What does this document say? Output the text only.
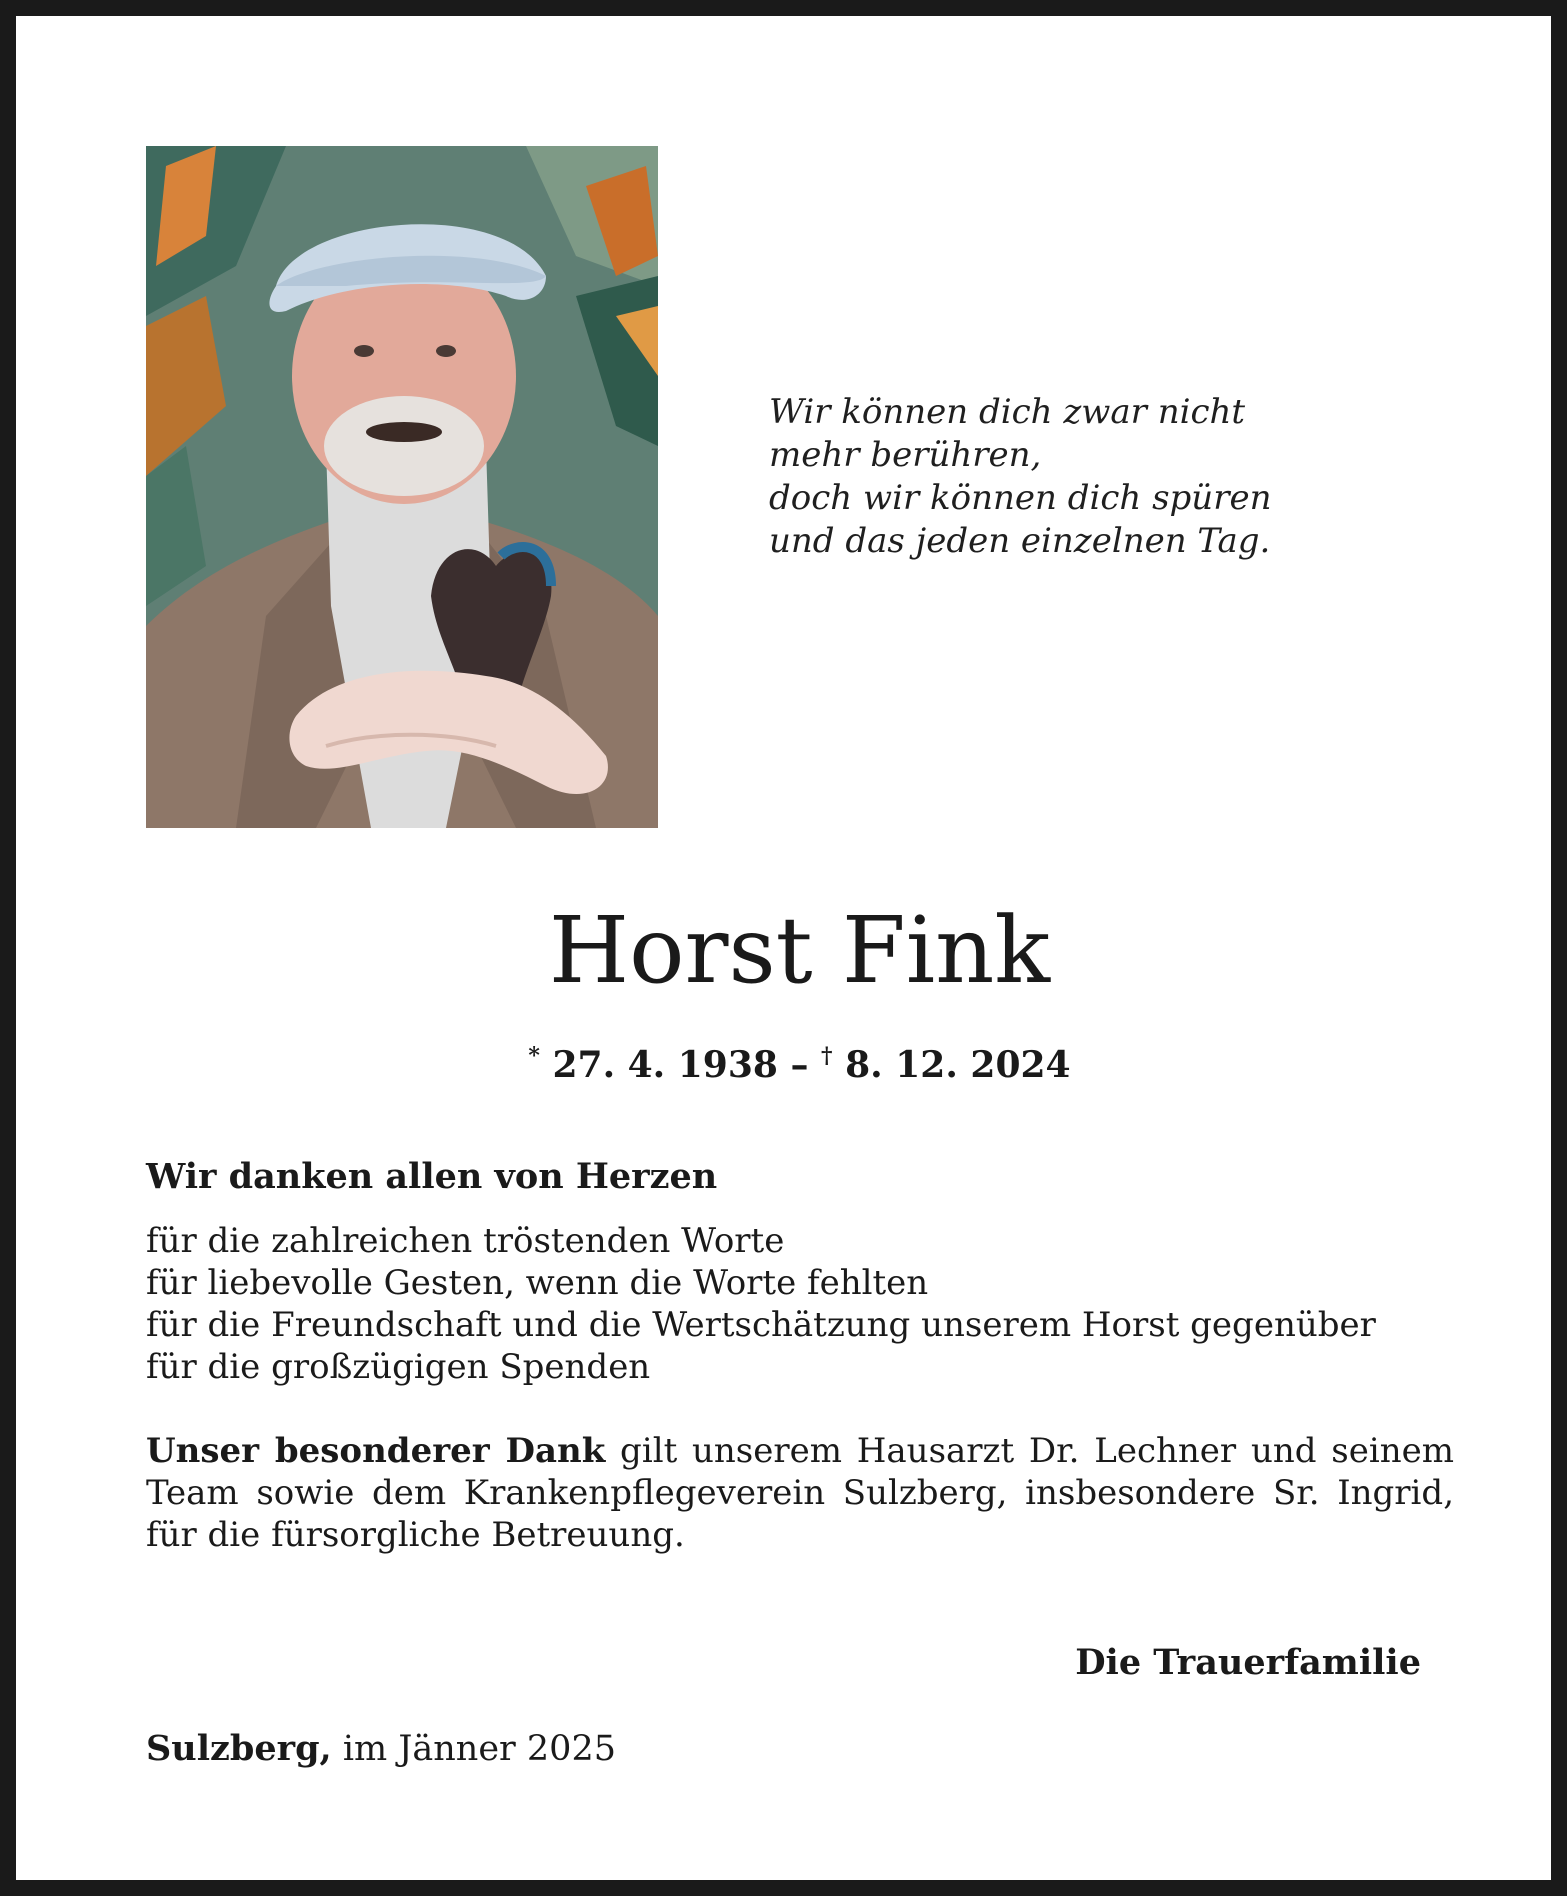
Wir können dich zwar nicht
mehr berühren,
doch wir können dich spüren
und das jeden einzelnen Tag.
Horst Fink
* 27. 4. 1938 – † 8. 12. 2024
Wir danken allen von Herzen
für die zahlreichen tröstenden Worte
für liebevolle Gesten, wenn die Worte fehlten
für die Freundschaft und die Wertschätzung unserem Horst gegenüber
für die großzügigen Spenden
Unser besonderer Dank gilt unserem Hausarzt Dr. Lechner und seinem Team sowie dem Krankenpflegeverein Sulzberg, insbesondere Sr. Ingrid, für die fürsorgliche Betreuung.
Die Trauerfamilie
Sulzberg, im Jänner 2025
